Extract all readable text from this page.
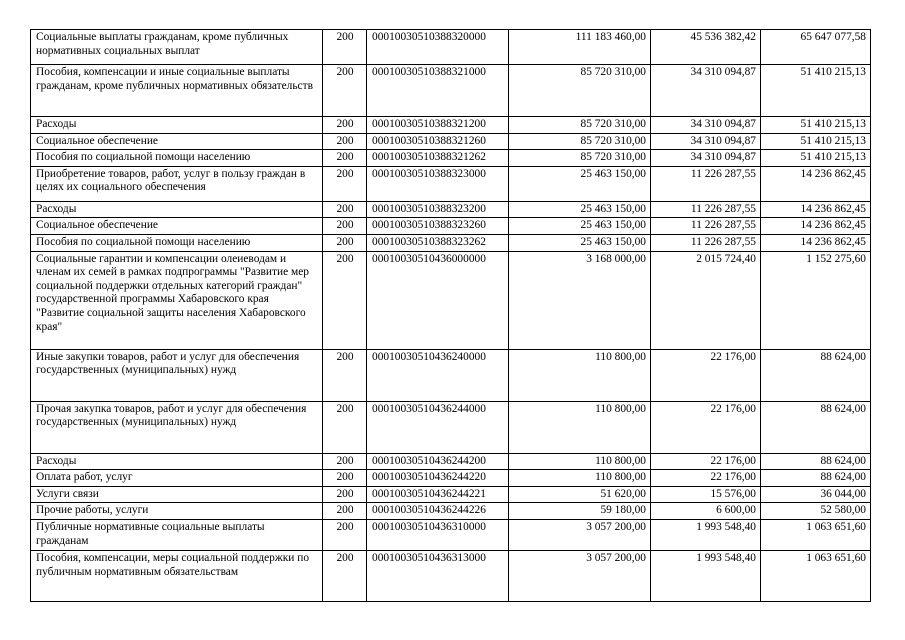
Социальные выплаты гражданам, кроме публичных нормативных социальных выплат	200	00010030510388320000	111 183 460,00	45 536 382,42	65 647 077,58
Пособия, компенсации и иные социальные выплаты гражданам, кроме публичных нормативных обязательств	200	00010030510388321000	85 720 310,00	34 310 094,87	51 410 215,13
Расходы	200	00010030510388321200	85 720 310,00	34 310 094,87	51 410 215,13
Социальное обеспечение	200	00010030510388321260	85 720 310,00	34 310 094,87	51 410 215,13
Пособия по социальной помощи населению	200	00010030510388321262	85 720 310,00	34 310 094,87	51 410 215,13
Приобретение товаров, работ, услуг в пользу граждан в целях их социального обеспечения	200	00010030510388323000	25 463 150,00	11 226 287,55	14 236 862,45
Расходы	200	00010030510388323200	25 463 150,00	11 226 287,55	14 236 862,45
Социальное обеспечение	200	00010030510388323260	25 463 150,00	11 226 287,55	14 236 862,45
Пособия по социальной помощи населению	200	00010030510388323262	25 463 150,00	11 226 287,55	14 236 862,45
Социальные гарантии и компенсации олеиеводам и членам их семей в рамках подпрограммы "Развитие мер социальной поддержки отдельных категорий граждан" государственной программы Хабаровского края "Развитие социальной защиты населения Хабаровского края"	200	00010030510436000000	3 168 000,00	2 015 724,40	1 152 275,60
Иные закупки товаров, работ и услуг для обеспечения государственных (муниципальных) нужд	200	00010030510436240000	110 800,00	22 176,00	88 624,00
Прочая закупка товаров, работ и услуг для обеспечения государственных (муниципальных) нужд	200	00010030510436244000	110 800,00	22 176,00	88 624,00
Расходы	200	00010030510436244200	110 800,00	22 176,00	88 624,00
Оплата работ, услуг	200	00010030510436244220	110 800,00	22 176,00	88 624,00
Услуги связи	200	00010030510436244221	51 620,00	15 576,00	36 044,00
Прочие работы, услуги	200	00010030510436244226	59 180,00	6 600,00	52 580,00
Публичные нормативные социальные выплаты гражданам	200	00010030510436310000	3 057 200,00	1 993 548,40	1 063 651,60
Пособия, компенсации, меры социальной поддержки по публичным нормативным обязательствам	200	00010030510436313000	3 057 200,00	1 993 548,40	1 063 651,60
